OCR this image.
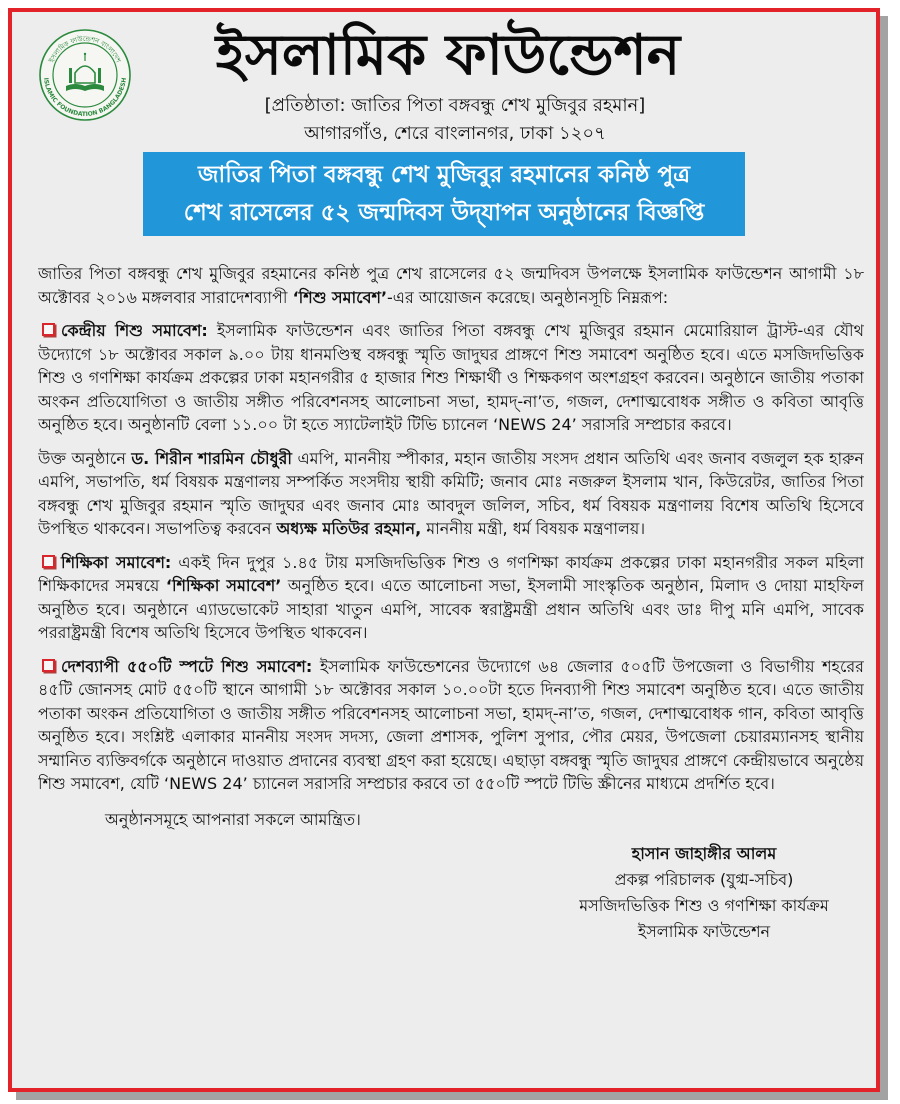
ইসলামিক ফাউন্ডেশন বাংলাদেশ
ISLAMIC FOUNDATION BANGLADESH	ইসলামিক ফাউন্ডেশন
[প্রতিষ্ঠাতা: জাতির পিতা বঙ্গবন্ধু শেখ মুজিবুর রহমান]
আগারগাঁও, শেরে বাংলানগর, ঢাকা ১২০৭
জাতির পিতা বঙ্গবন্ধু শেখ মুজিবুর রহমানের কনিষ্ঠ পুত্র
শেখ রাসেলের ৫২ জন্মদিবস উদ্‌যাপন অনুষ্ঠানের বিজ্ঞপ্তি

জাতির পিতা বঙ্গবন্ধু শেখ মুজিবুর রহমানের কনিষ্ঠ পুত্র শেখ রাসেলের ৫২ জন্মদিবস উপলক্ষে ইসলামিক ফাউন্ডেশন আগামী ১৮ অক্টোবর ২০১৬ মঙ্গলবার সারাদেশব্যাপী ‘শিশু সমাবেশ’-এর আয়োজন করেছে। অনুষ্ঠানসূচি নিম্নরূপ:

কেন্দ্রীয় শিশু সমাবেশ: ইসলামিক ফাউন্ডেশন এবং জাতির পিতা বঙ্গবন্ধু শেখ মুজিবুর রহমান মেমোরিয়াল ট্রাস্ট-এর যৌথ উদ্যোগে ১৮ অক্টোবর সকাল ৯.০০ টায় ধানমণ্ডিস্থ বঙ্গবন্ধু স্মৃতি জাদুঘর প্রাঙ্গণে শিশু সমাবেশ অনুষ্ঠিত হবে। এতে মসজিদভিত্তিক শিশু ও গণশিক্ষা কার্যক্রম প্রকল্পের ঢাকা মহানগরীর ৫ হাজার শিশু শিক্ষার্থী ও শিক্ষকগণ অংশগ্রহণ করবেন। অনুষ্ঠানে জাতীয় পতাকা অংকন প্রতিযোগিতা ও জাতীয় সঙ্গীত পরিবেশনসহ আলোচনা সভা, হামদ্-না’ত, গজল, দেশাত্মবোধক সঙ্গীত ও কবিতা আবৃত্তি অনুষ্ঠিত হবে। অনুষ্ঠানটি বেলা ১১.০০ টা হতে স্যাটেলাইট টিভি চ্যানেল ‘NEWS 24’ সরাসরি সম্প্রচার করবে।

উক্ত অনুষ্ঠানে ড. শিরীন শারমিন চৌধুরী এমপি, মাননীয় স্পীকার, মহান জাতীয় সংসদ প্রধান অতিথি এবং জনাব বজলুল হক হারুন এমপি, সভাপতি, ধর্ম বিষয়ক মন্ত্রণালয় সম্পর্কিত সংসদীয় স্থায়ী কমিটি; জনাব মোঃ নজরুল ইসলাম খান, কিউরেটর, জাতির পিতা বঙ্গবন্ধু শেখ মুজিবুর রহমান স্মৃতি জাদুঘর এবং জনাব মোঃ আবদুল জলিল, সচিব, ধর্ম বিষয়ক মন্ত্রণালয় বিশেষ অতিথি হিসেবে উপস্থিত থাকবেন। সভাপতিত্ব করবেন অধ্যক্ষ মতিউর রহমান, মাননীয় মন্ত্রী, ধর্ম বিষয়ক মন্ত্রণালয়।

শিক্ষিকা সমাবেশ: একই দিন দুপুর ১.৪৫ টায় মসজিদভিত্তিক শিশু ও গণশিক্ষা কার্যক্রম প্রকল্পের ঢাকা মহানগরীর সকল মহিলা শিক্ষিকাদের সমন্বয়ে ‘শিক্ষিকা সমাবেশ’ অনুষ্ঠিত হবে। এতে আলোচনা সভা, ইসলামী সাংস্কৃতিক অনুষ্ঠান, মিলাদ ও দোয়া মাহফিল অনুষ্ঠিত হবে। অনুষ্ঠানে এ্যাডভোকেট সাহারা খাতুন এমপি, সাবেক স্বরাষ্ট্রমন্ত্রী প্রধান অতিথি এবং ডাঃ দীপু মনি এমপি, সাবেক পররাষ্ট্রমন্ত্রী বিশেষ অতিথি হিসেবে উপস্থিত থাকবেন।

দেশব্যাপী ৫৫০টি স্পটে শিশু সমাবেশ: ইসলামিক ফাউন্ডেশনের উদ্যোগে ৬৪ জেলার ৫০৫টি উপজেলা ও বিভাগীয় শহরের ৪৫টি জোনসহ মোট ৫৫০টি স্থানে আগামী ১৮ অক্টোবর সকাল ১০.০০টা হতে দিনব্যাপী শিশু সমাবেশ অনুষ্ঠিত হবে। এতে জাতীয় পতাকা অংকন প্রতিযোগিতা ও জাতীয় সঙ্গীত পরিবেশনসহ আলোচনা সভা, হামদ্-না’ত, গজল, দেশাত্মবোধক গান, কবিতা আবৃত্তি অনুষ্ঠিত হবে। সংশ্লিষ্ট এলাকার মাননীয় সংসদ সদস্য, জেলা প্রশাসক, পুলিশ সুপার, পৌর মেয়র, উপজেলা চেয়ারম্যানসহ স্থানীয় সম্মানিত ব্যক্তিবর্গকে অনুষ্ঠানে দাওয়াত প্রদানের ব্যবস্থা গ্রহণ করা হয়েছে। এছাড়া বঙ্গবন্ধু স্মৃতি জাদুঘর প্রাঙ্গণে কেন্দ্রীয়ভাবে অনুষ্ঠেয় শিশু সমাবেশ, যেটি ‘NEWS 24’ চ্যানেল সরাসরি সম্প্রচার করবে তা ৫৫০টি স্পটে টিভি স্ক্রীনের মাধ্যমে প্রদর্শিত হবে।

অনুষ্ঠানসমূহে আপনারা সকলে আমন্ত্রিত।

হাসান জাহাঙ্গীর আলম
প্রকল্প পরিচালক (যুগ্ম-সচিব)
মসজিদভিত্তিক শিশু ও গণশিক্ষা কার্যক্রম
ইসলামিক ফাউন্ডেশন
